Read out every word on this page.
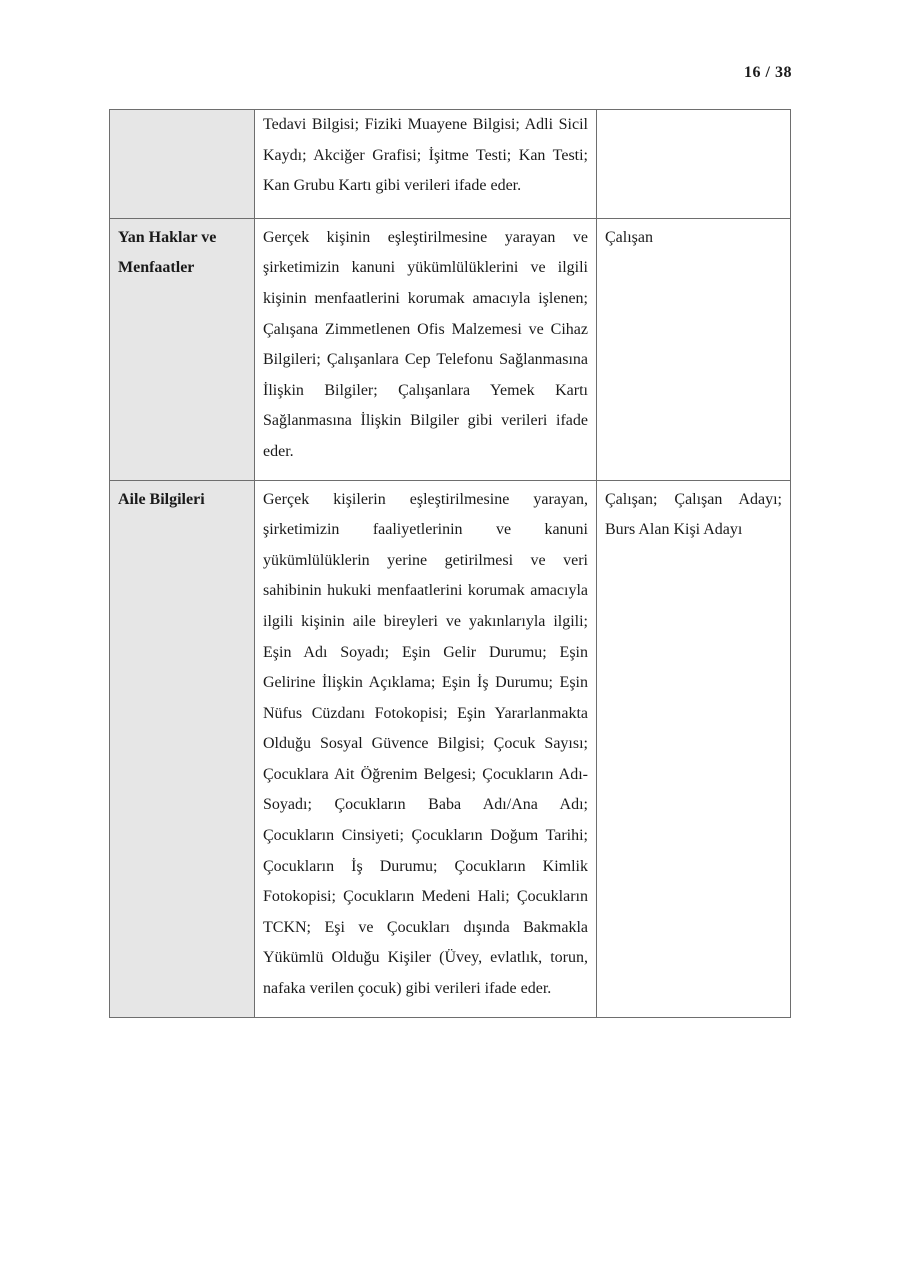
16 / 38
	Tedavi Bilgisi; Fiziki Muayene Bilgisi; Adli Sicil Kaydı; Akciğer Grafisi; İşitme Testi; Kan Testi; Kan Grubu Kartı gibi verileri ifade eder.	
Yan Haklar ve Menfaatler	Gerçek kişinin eşleştirilmesine yarayan ve şirketimizin kanuni yükümlülüklerini ve ilgili kişinin menfaatlerini korumak amacıyla işlenen; Çalışana Zimmetlenen Ofis Malzemesi ve Cihaz Bilgileri; Çalışanlara Cep Telefonu Sağlanmasına İlişkin Bilgiler; Çalışanlara Yemek Kartı Sağlanmasına İlişkin Bilgiler gibi verileri ifade eder.	Çalışan
Aile Bilgileri	Gerçek kişilerin eşleştirilmesine yarayan, şirketimizin faaliyetlerinin ve kanuni yükümlülüklerin yerine getirilmesi ve veri sahibinin hukuki menfaatlerini korumak amacıyla ilgili kişinin aile bireyleri ve yakınlarıyla ilgili; Eşin Adı Soyadı; Eşin Gelir Durumu; Eşin Gelirine İlişkin Açıklama; Eşin İş Durumu; Eşin Nüfus Cüzdanı Fotokopisi; Eşin Yararlanmakta Olduğu Sosyal Güvence Bilgisi; Çocuk Sayısı; Çocuklara Ait Öğrenim Belgesi; Çocukların Adı-Soyadı; Çocukların Baba Adı/Ana Adı; Çocukların Cinsiyeti; Çocukların Doğum Tarihi; Çocukların İş Durumu; Çocukların Kimlik Fotokopisi; Çocukların Medeni Hali; Çocukların TCKN; Eşi ve Çocukları dışında Bakmakla Yükümlü Olduğu Kişiler (Üvey, evlatlık, torun, nafaka verilen çocuk) gibi verileri ifade eder.	Çalışan; Çalışan Adayı; Burs Alan Kişi Adayı
